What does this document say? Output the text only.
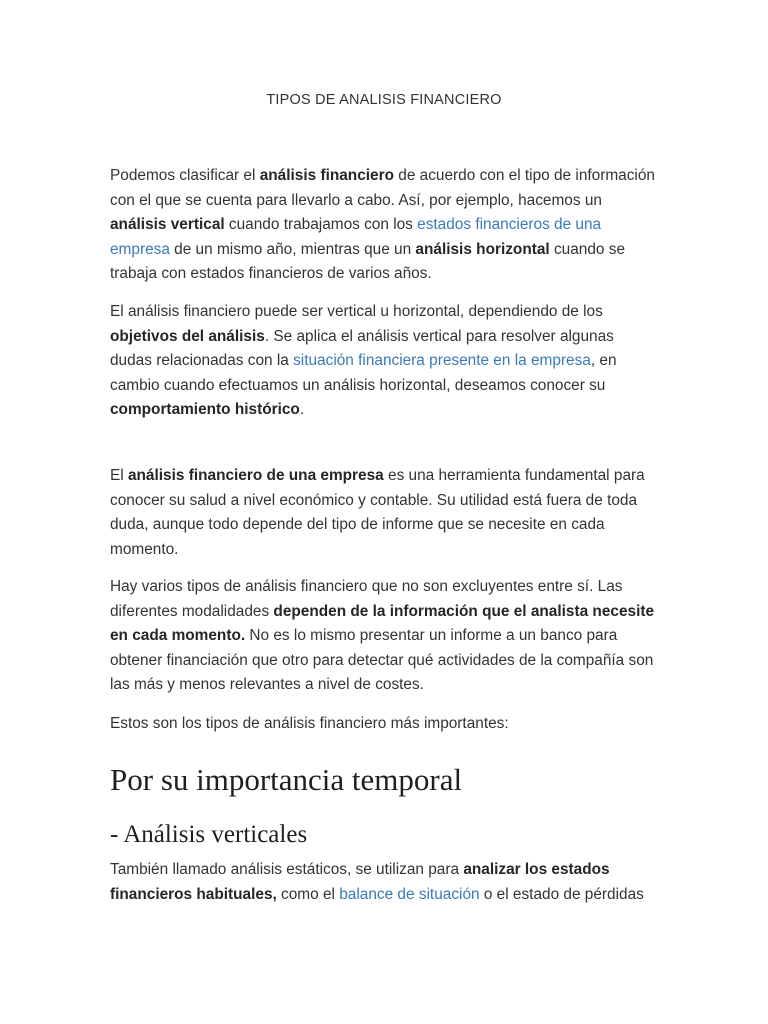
TIPOS DE ANALISIS FINANCIERO

Podemos clasificar el análisis financiero de acuerdo con el tipo de información con el que se cuenta para llevarlo a cabo. Así, por ejemplo, hacemos un análisis vertical cuando trabajamos con los estados financieros de una empresa de un mismo año, mientras que un análisis horizontal cuando se trabaja con estados financieros de varios años.

El análisis financiero puede ser vertical u horizontal, dependiendo de los objetivos del análisis. Se aplica el análisis vertical para resolver algunas dudas relacionadas con la situación financiera presente en la empresa, en cambio cuando efectuamos un análisis horizontal, deseamos conocer su comportamiento histórico.

El análisis financiero de una empresa es una herramienta fundamental para conocer su salud a nivel económico y contable. Su utilidad está fuera de toda duda, aunque todo depende del tipo de informe que se necesite en cada momento.

Hay varios tipos de análisis financiero que no son excluyentes entre sí. Las diferentes modalidades dependen de la información que el analista necesite en cada momento. No es lo mismo presentar un informe a un banco para obtener financiación que otro para detectar qué actividades de la compañía son las más y menos relevantes a nivel de costes.

Estos son los tipos de análisis financiero más importantes:

Por su importancia temporal
- Análisis verticales

También llamado análisis estáticos, se utilizan para analizar los estados financieros habituales, como el balance de situación o el estado de pérdidas
